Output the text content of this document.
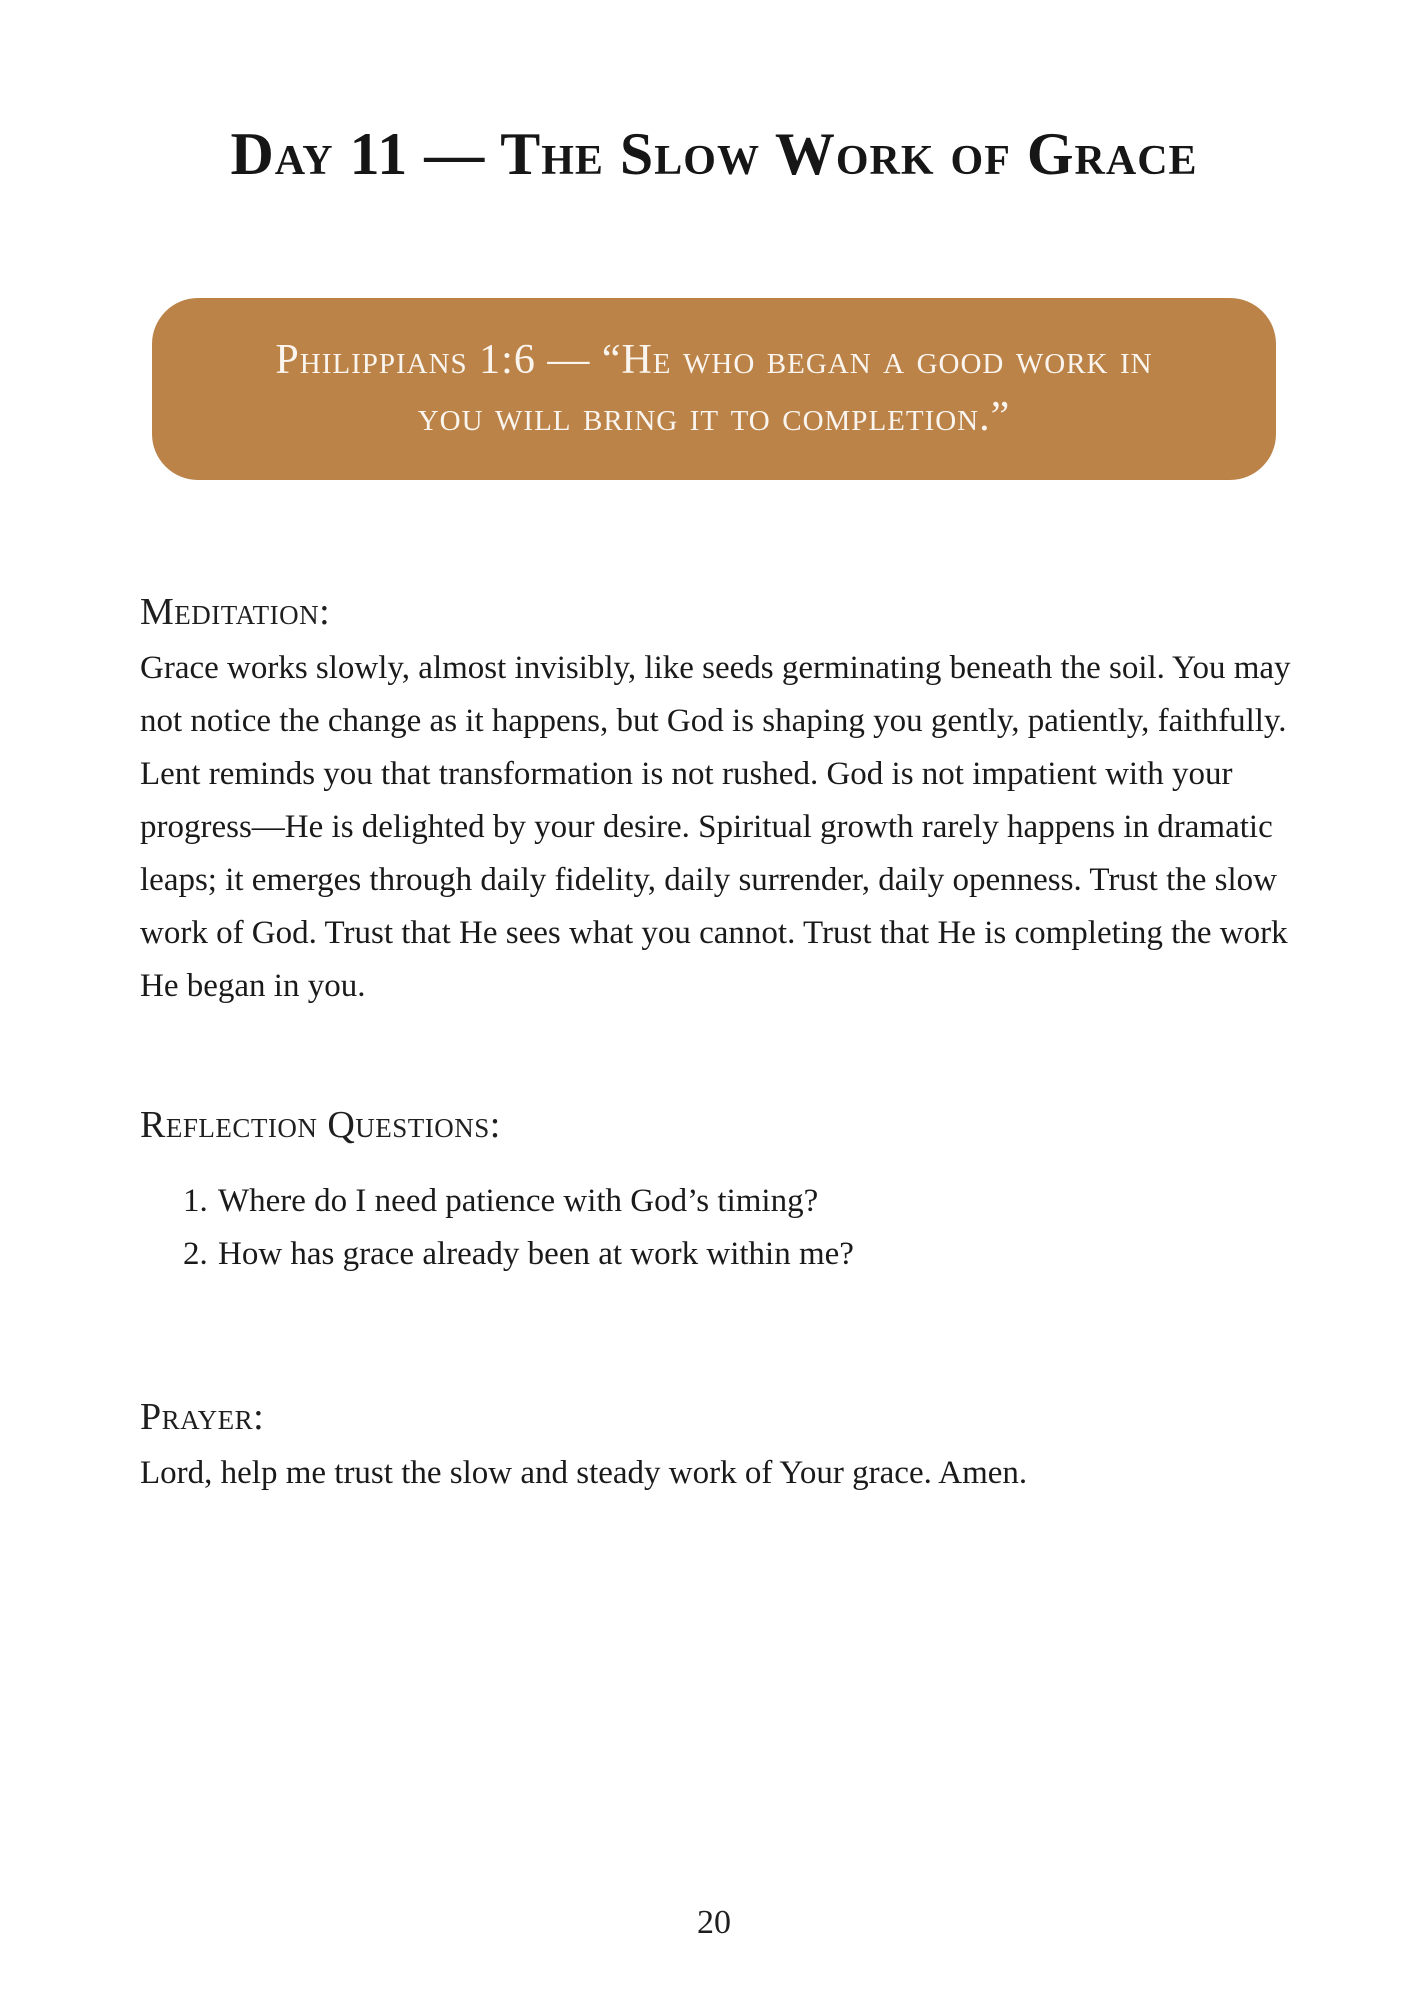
Day 11 — The Slow Work of Grace
Philippians 1:6 — “He who began a good work in you will bring it to completion.”
Meditation:

Grace works slowly, almost invisibly, like seeds germinating beneath the soil. You may not notice the change as it happens, but God is shaping you gently, patiently, faithfully. Lent reminds you that transformation is not rushed. God is not impatient with your progress—He is delighted by your desire. Spiritual growth rarely happens in dramatic leaps; it emerges through daily fidelity, daily surrender, daily openness. Trust the slow work of God. Trust that He sees what you cannot. Trust that He is completing the work He began in you.

Reflection Questions:
1. Where do I need patience with God’s timing?
2. How has grace already been at work within me?
Prayer:

Lord, help me trust the slow and steady work of Your grace. Amen.

20
